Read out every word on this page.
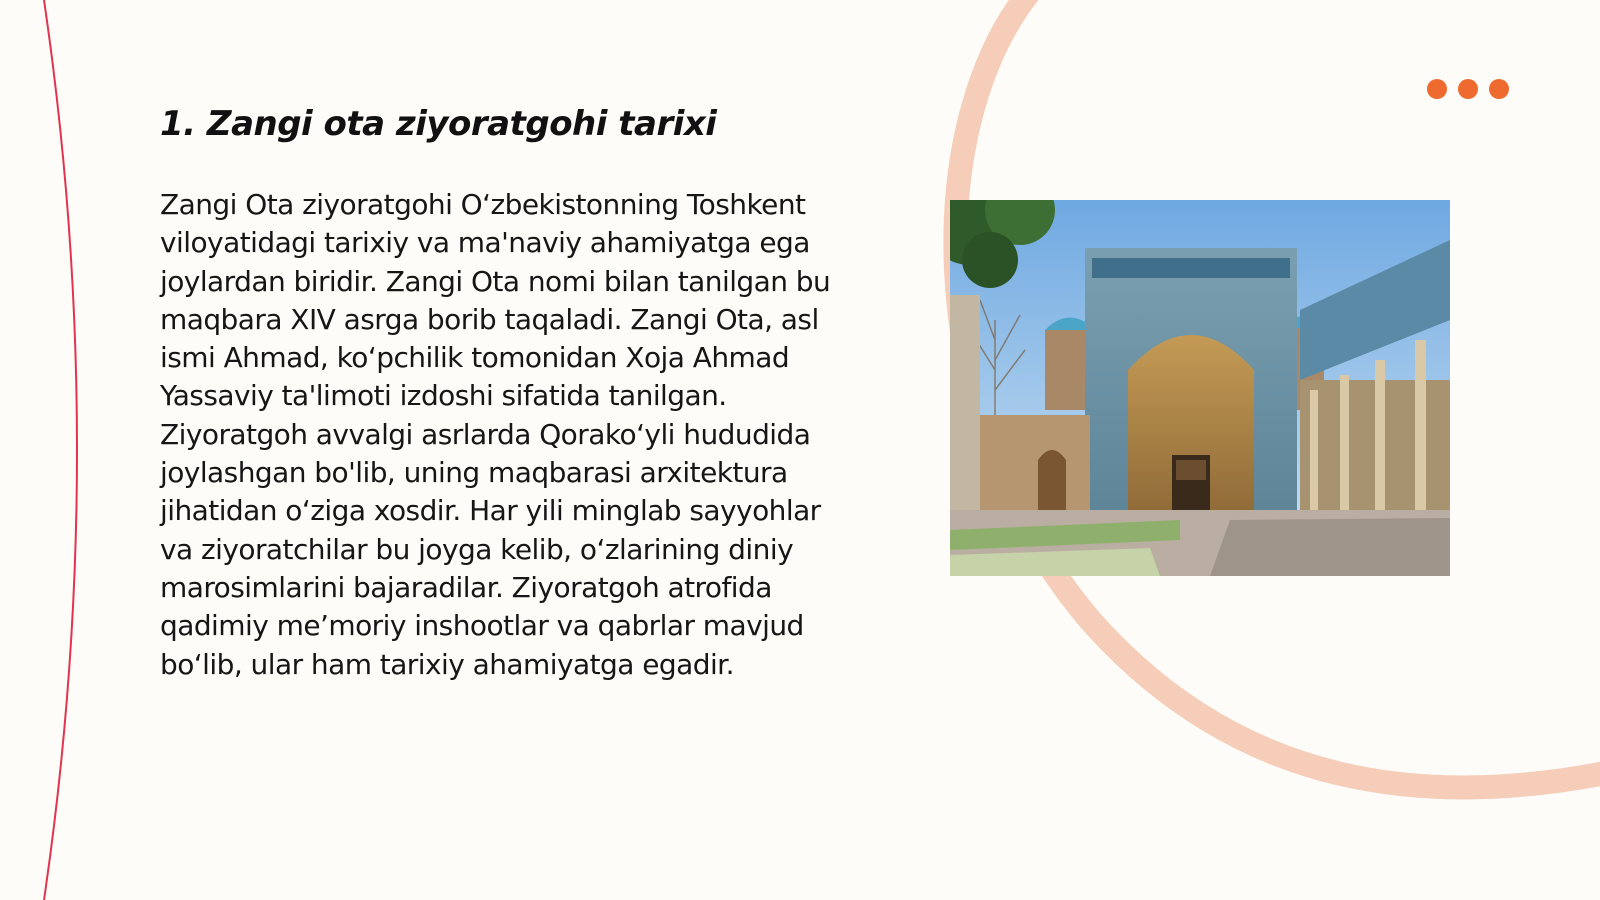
1. Zangi ota ziyoratgohi tarixi

Zangi Ota ziyoratgohi O‘zbekistonning Toshkent viloyatidagi tarixiy va ma'naviy ahamiyatga ega joylardan biridir. Zangi Ota nomi bilan tanilgan bu maqbara XIV asrga borib taqaladi. Zangi Ota, asl ismi Ahmad, ko‘pchilik tomonidan Xoja Ahmad Yassaviy ta'limoti izdoshi sifatida tanilgan. Ziyoratgoh avvalgi asrlarda Qorako‘yli hududida joylashgan bo'lib, uning maqbarasi arxitektura jihatidan o‘ziga xosdir. Har yili minglab sayyohlar va ziyoratchilar bu joyga kelib, o‘zlarining diniy marosimlarini bajaradilar. Ziyoratgoh atrofida qadimiy me’moriy inshootlar va qabrlar mavjud bo‘lib, ular ham tarixiy ahamiyatga egadir.
